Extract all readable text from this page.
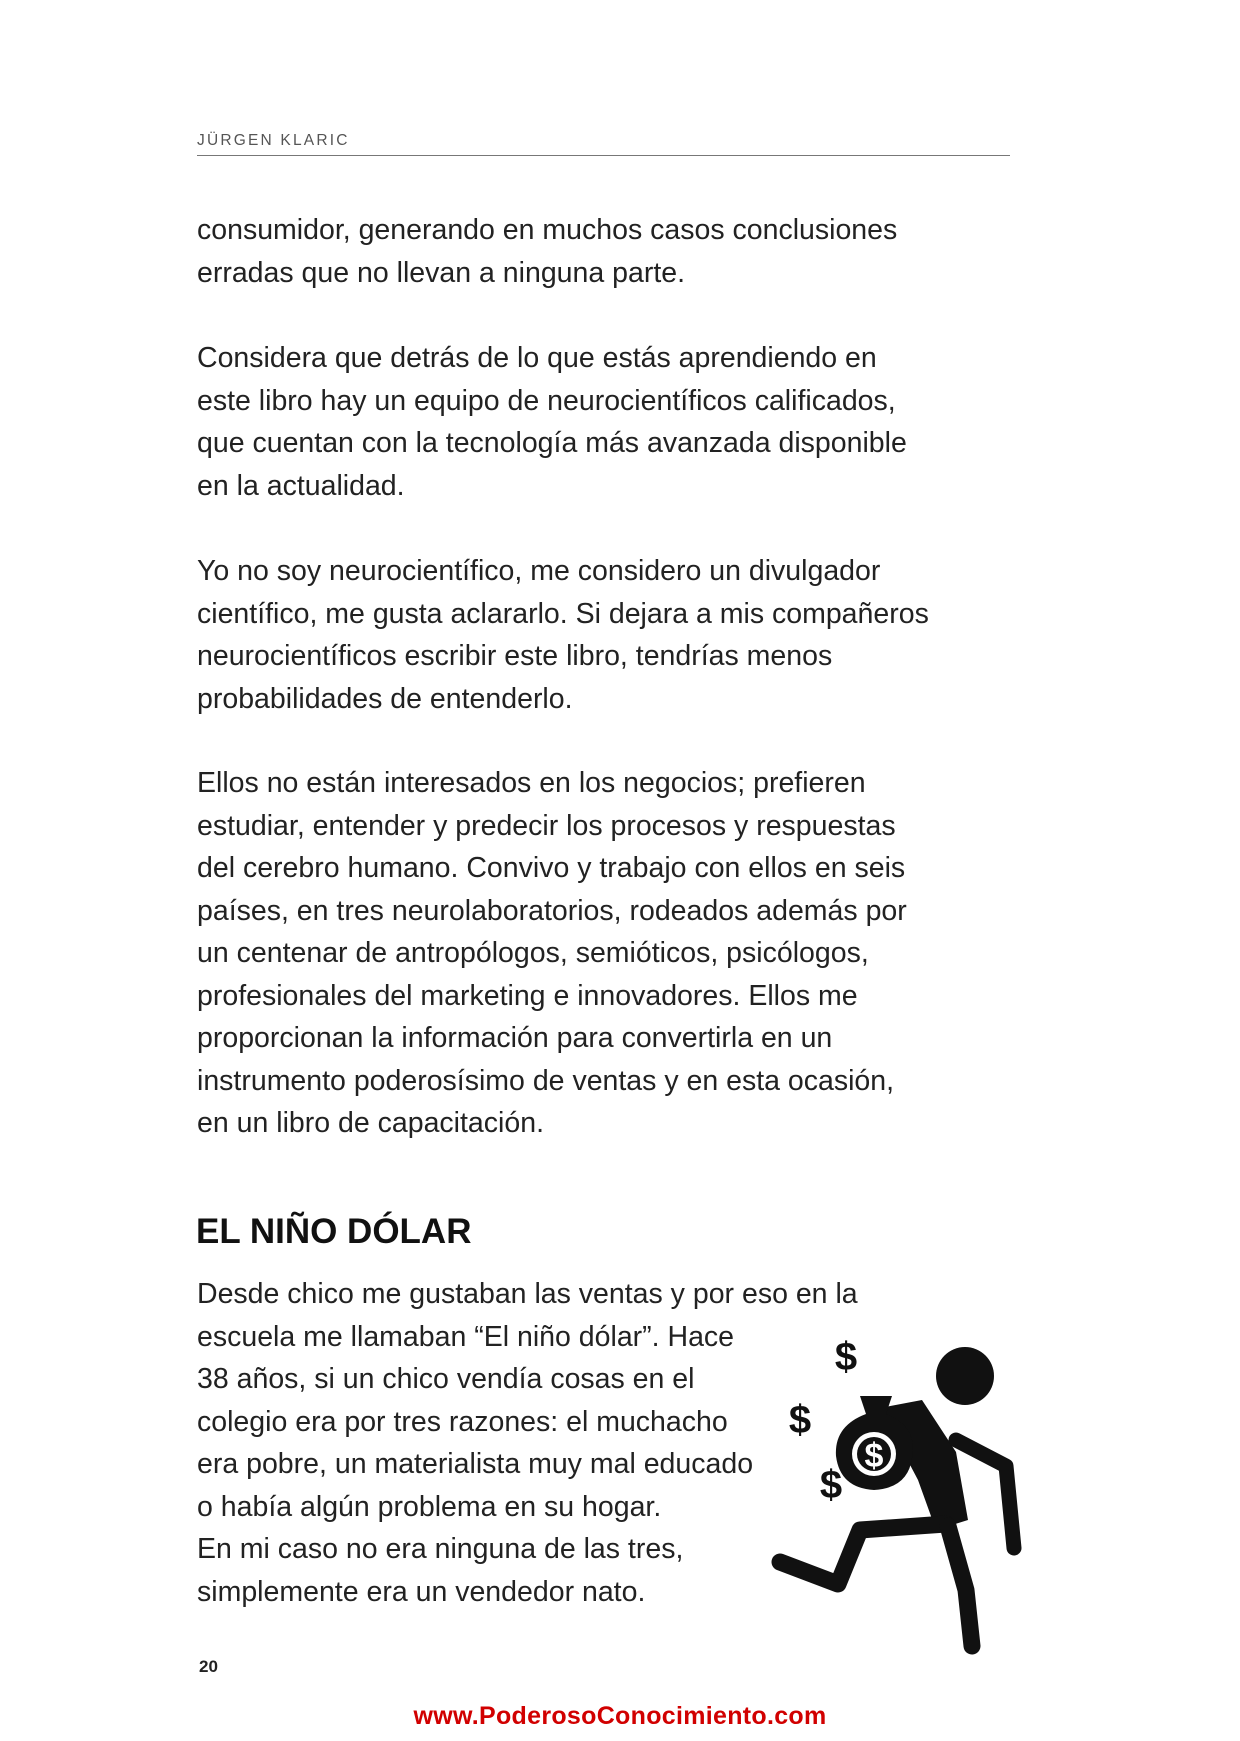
JÜRGEN KLARIC

consumidor, generando en muchos casos conclusiones
erradas que no llevan a ninguna parte.

Considera que detrás de lo que estás aprendiendo en
este libro hay un equipo de neurocientíficos calificados,
que cuentan con la tecnología más avanzada disponible
en la actualidad.

Yo no soy neurocientífico, me considero un divulgador
científico, me gusta aclararlo. Si dejara a mis compañeros
neurocientíficos escribir este libro, tendrías menos
probabilidades de entenderlo.

Ellos no están interesados en los negocios; prefieren
estudiar, entender y predecir los procesos y respuestas
del cerebro humano. Convivo y trabajo con ellos en seis
países, en tres neurolaboratorios, rodeados además por
un centenar de antropólogos, semióticos, psicólogos,
profesionales del marketing e innovadores. Ellos me
proporcionan la información para convertirla en un
instrumento poderosísimo de ventas y en esta ocasión,
en un libro de capacitación.

EL NIÑO DÓLAR

Desde chico me gustaban las ventas y por eso en la
escuela me llamaban “El niño dólar”. Hace
38 años, si un chico vendía cosas en el
colegio era por tres razones: el muchacho
era pobre, un materialista muy mal educado
o había algún problema en su hogar.
En mi caso no era ninguna de las tres,
simplemente era un vendedor nato.

$
$
$
$
20
www.PoderosoConocimiento.com
